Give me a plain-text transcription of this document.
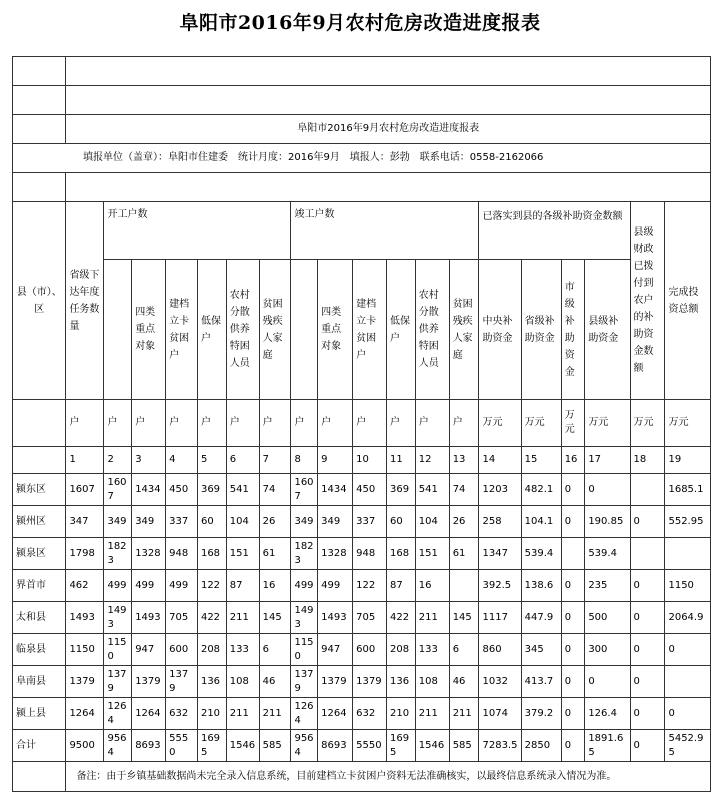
阜阳市2016年9月农村危房改造进度报表

	阜阳市2016年9月农村危房改造进度报表																		
填报单位（盖章）：阜阳市住建委　统计月度：2016年9月　填报人：彭勃　联系电话：0558-2162066																			

县（市）、区	省级下达年度任务数量	开工户数						竣工户数						已落实到县的各级补助资金数额				县级财政已拨付到农户的补助资金数额	完成投资总额
			四类重点对象	建档立卡贫困户	低保户	农村分散供养特困人员	贫困残疾人家庭		四类重点对象	建档立卡贫困户	低保户	农村分散供养特困人员	贫困残疾人家庭	中央补助资金	省级补助资金	市级补助资金	县级补助资金		
	户	户	户	户	户	户	户	户	户	户	户	户	户	万元	万元	万元	万元	万元	万元
	1	2	3	4	5	6	7	8	9	10	11	12	13	14	15	16	17	18	19
颍东区	1607	1607	1434	450	369	541	74	1607	1434	450	369	541	74	1203	482.1	0	0		1685.1
颍州区	347	349	349	337	60	104	26	349	349	337	60	104	26	258	104.1	0	190.85	0	552.95
颍泉区	1798	1823	1328	948	168	151	61	1823	1328	948	168	151	61	1347	539.4		539.4		
界首市	462	499	499	499	122	87	16	499	499	122	87	16		392.5	138.6	0	235	0	1150
太和县	1493	1493	1493	705	422	211	145	1493	1493	705	422	211	145	1117	447.9	0	500	0	2064.9
临泉县	1150	1150	947	600	208	133	6	1150	947	600	208	133	6	860	345	0	300	0	0
阜南县	1379	1379	1379	1379	136	108	46	1379	1379	1379	136	108	46	1032	413.7	0	0	0	
颍上县	1264	1264	1264	632	210	211	211	1264	1264	632	210	211	211	1074	379.2	0	126.4	0	0
合计	9500	9564	8693	5550	1695	1546	585	9564	8693	5550	1695	1546	585	7283.5	2850	0	1891.65	0	5452.95
	备注：由于乡镇基础数据尚未完全录入信息系统，目前建档立卡贫困户资料无法准确核实，以最终信息系统录入情况为准。																		
